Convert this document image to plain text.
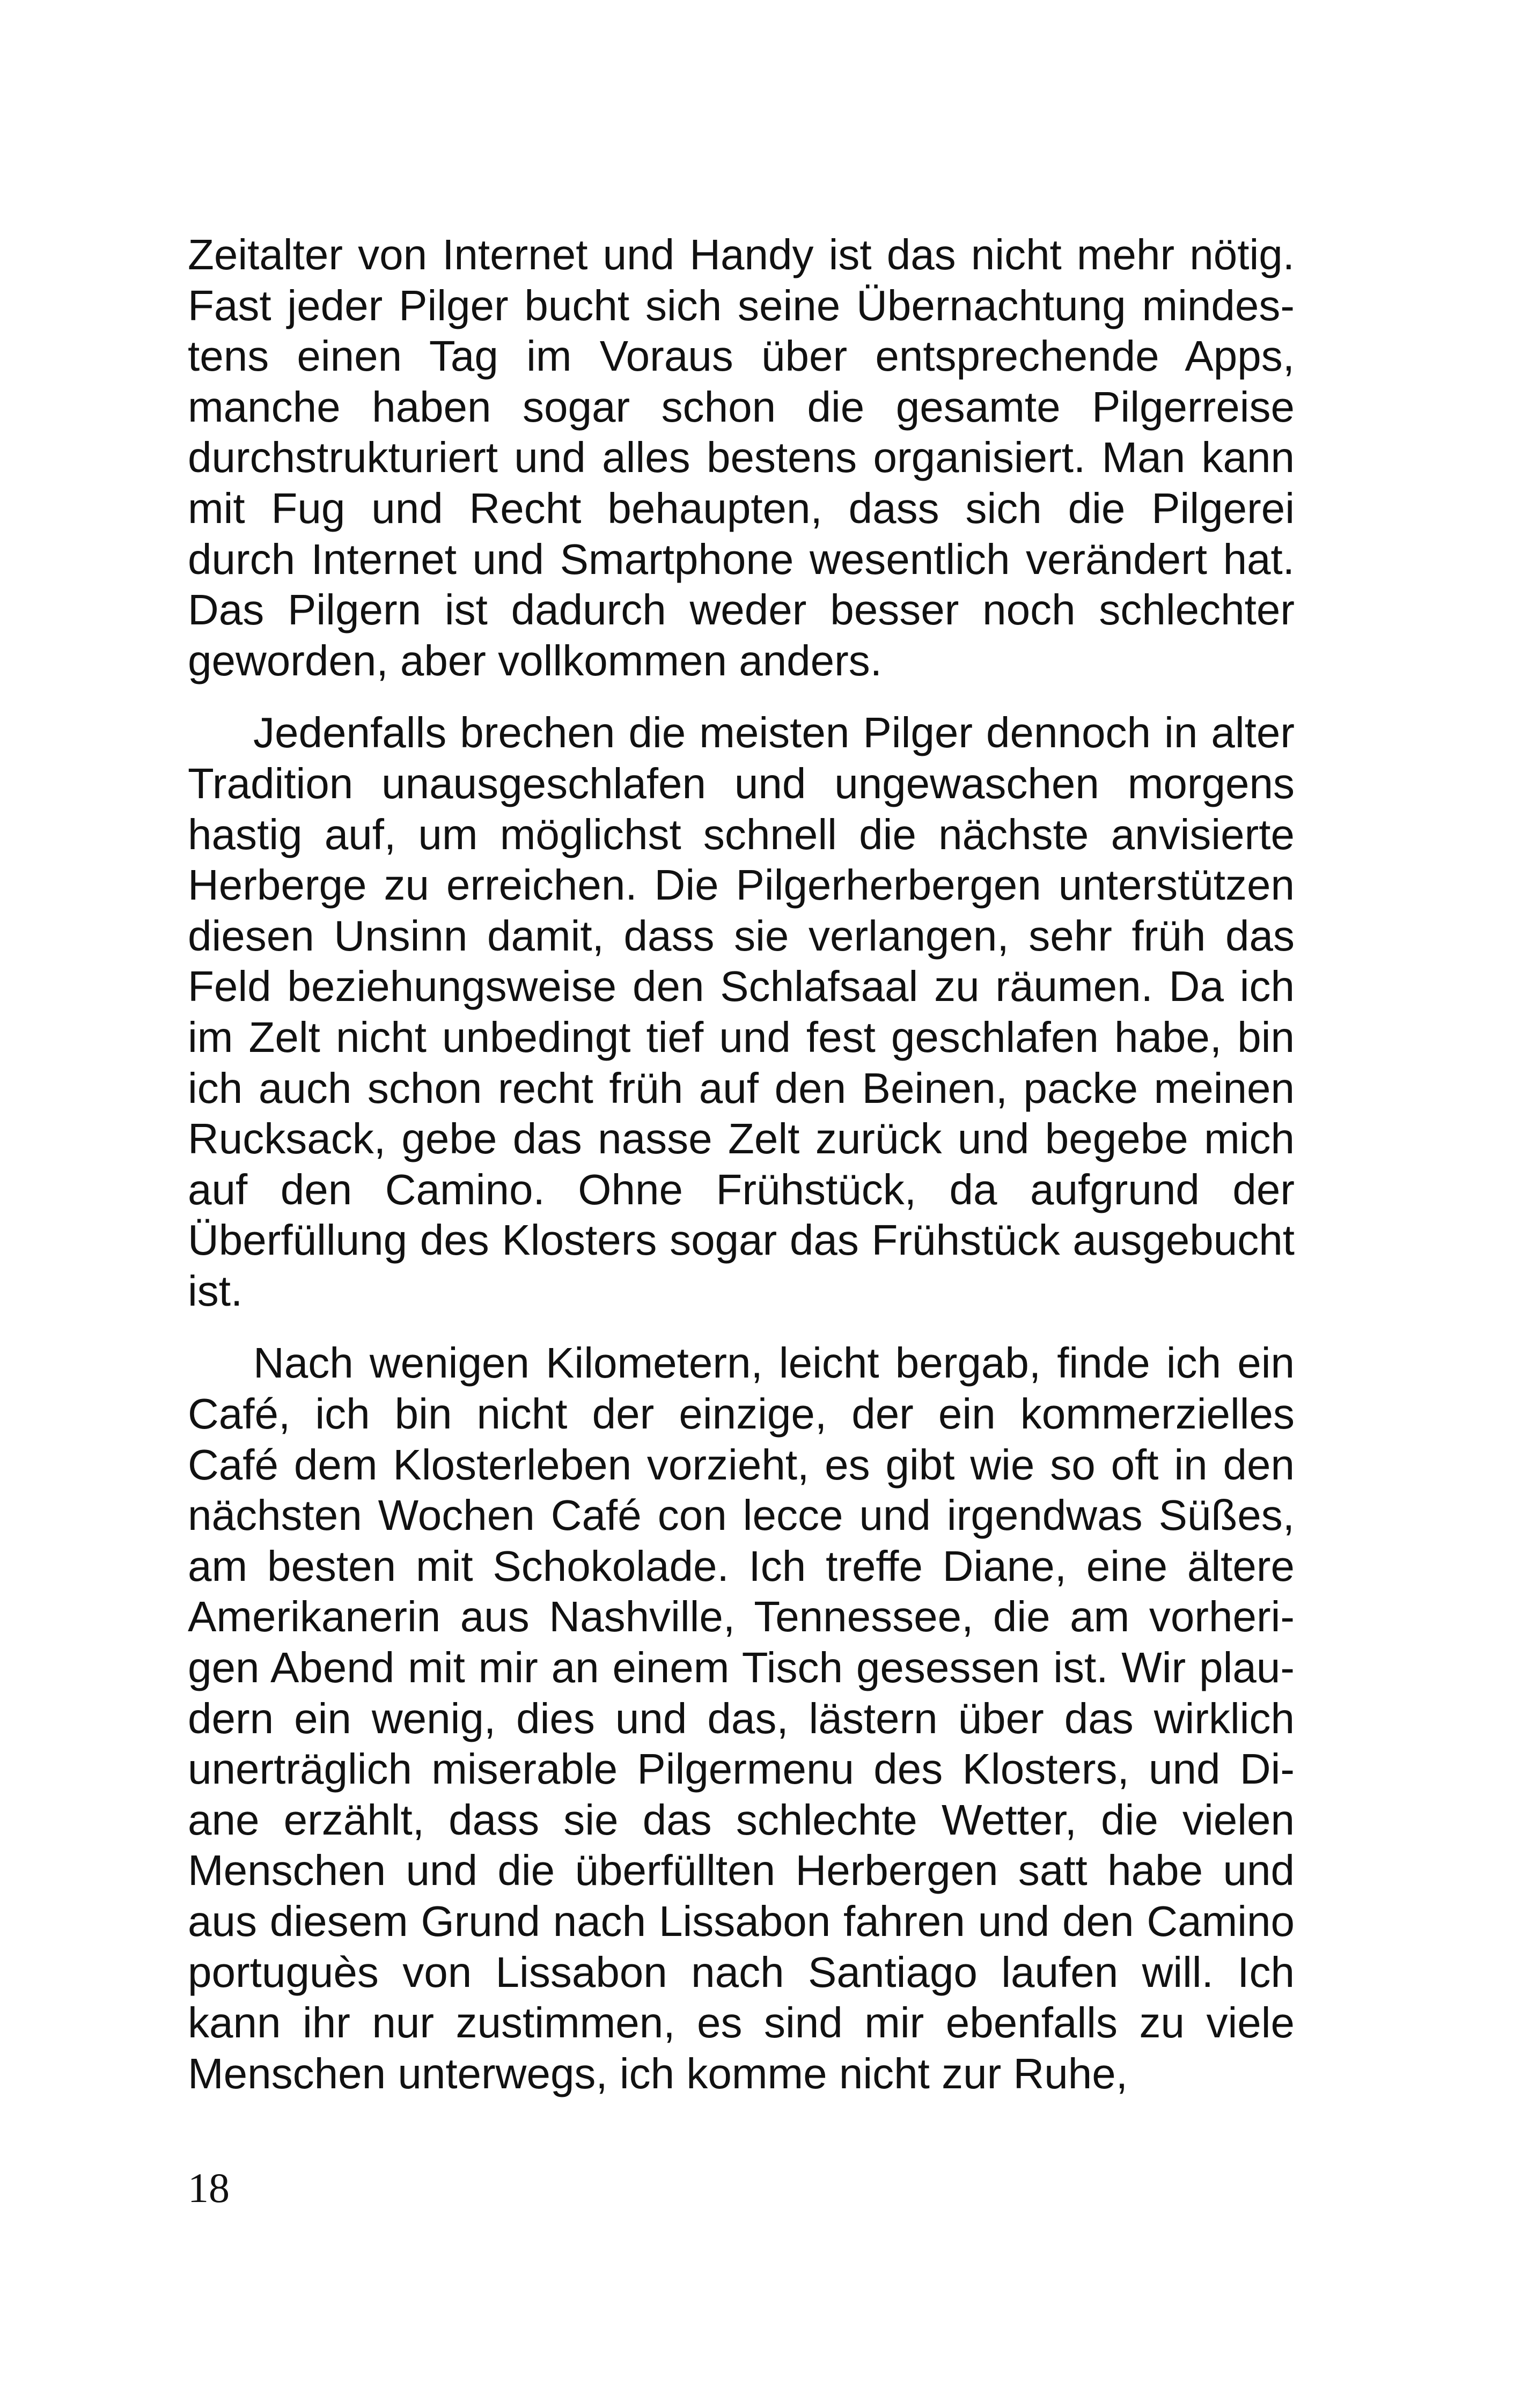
Zeitalter von Internet und Handy ist das nicht mehr nötig. Fast jeder Pilger bucht sich seine Übernachtung mindestens einen Tag im Voraus über entsprechende Apps, manche haben sogar schon die gesamte Pilgerreise durchstrukturiert und alles bestens organisiert. Man kann mit Fug und Recht behaupten, dass sich die Pilgerei durch Internet und Smartphone wesentlich verändert hat. Das Pilgern ist dadurch weder besser noch schlechter geworden, aber vollkommen anders.

Jedenfalls brechen die meisten Pilger dennoch in alter Tradition unausgeschlafen und ungewaschen morgens hastig auf, um möglichst schnell die nächste anvisierte Herberge zu erreichen. Die Pilgerherbergen unterstützen diesen Unsinn damit, dass sie verlangen, sehr früh das Feld beziehungsweise den Schlafsaal zu räumen. Da ich im Zelt nicht unbedingt tief und fest geschlafen habe, bin ich auch schon recht früh auf den Beinen, packe meinen Rucksack, gebe das nasse Zelt zurück und begebe mich auf den Camino. Ohne Frühstück, da aufgrund der Überfüllung des Klosters sogar das Frühstück ausgebucht ist.

Nach wenigen Kilometern, leicht bergab, finde ich ein Café, ich bin nicht der einzige, der ein kommerzielles Café dem Klosterleben vorzieht, es gibt wie so oft in den nächsten Wochen Café con lecce und irgendwas Süßes, am besten mit Schokolade. Ich treffe Diane, eine ältere Amerikanerin aus Nashville, Tennessee, die am vorherigen Abend mit mir an einem Tisch gesessen ist. Wir plaudern ein wenig, dies und das, lästern über das wirklich unerträglich miserable Pilgermenu des Klosters, und Diane erzählt, dass sie das schlechte Wetter, die vielen Menschen und die überfüllten Herbergen satt habe und aus diesem Grund nach Lissabon fahren und den Camino portuguès von Lissabon nach Santiago laufen will. Ich kann ihr nur zustimmen, es sind mir ebenfalls zu viele Menschen unterwegs, ich komme nicht zur Ruhe,

18
